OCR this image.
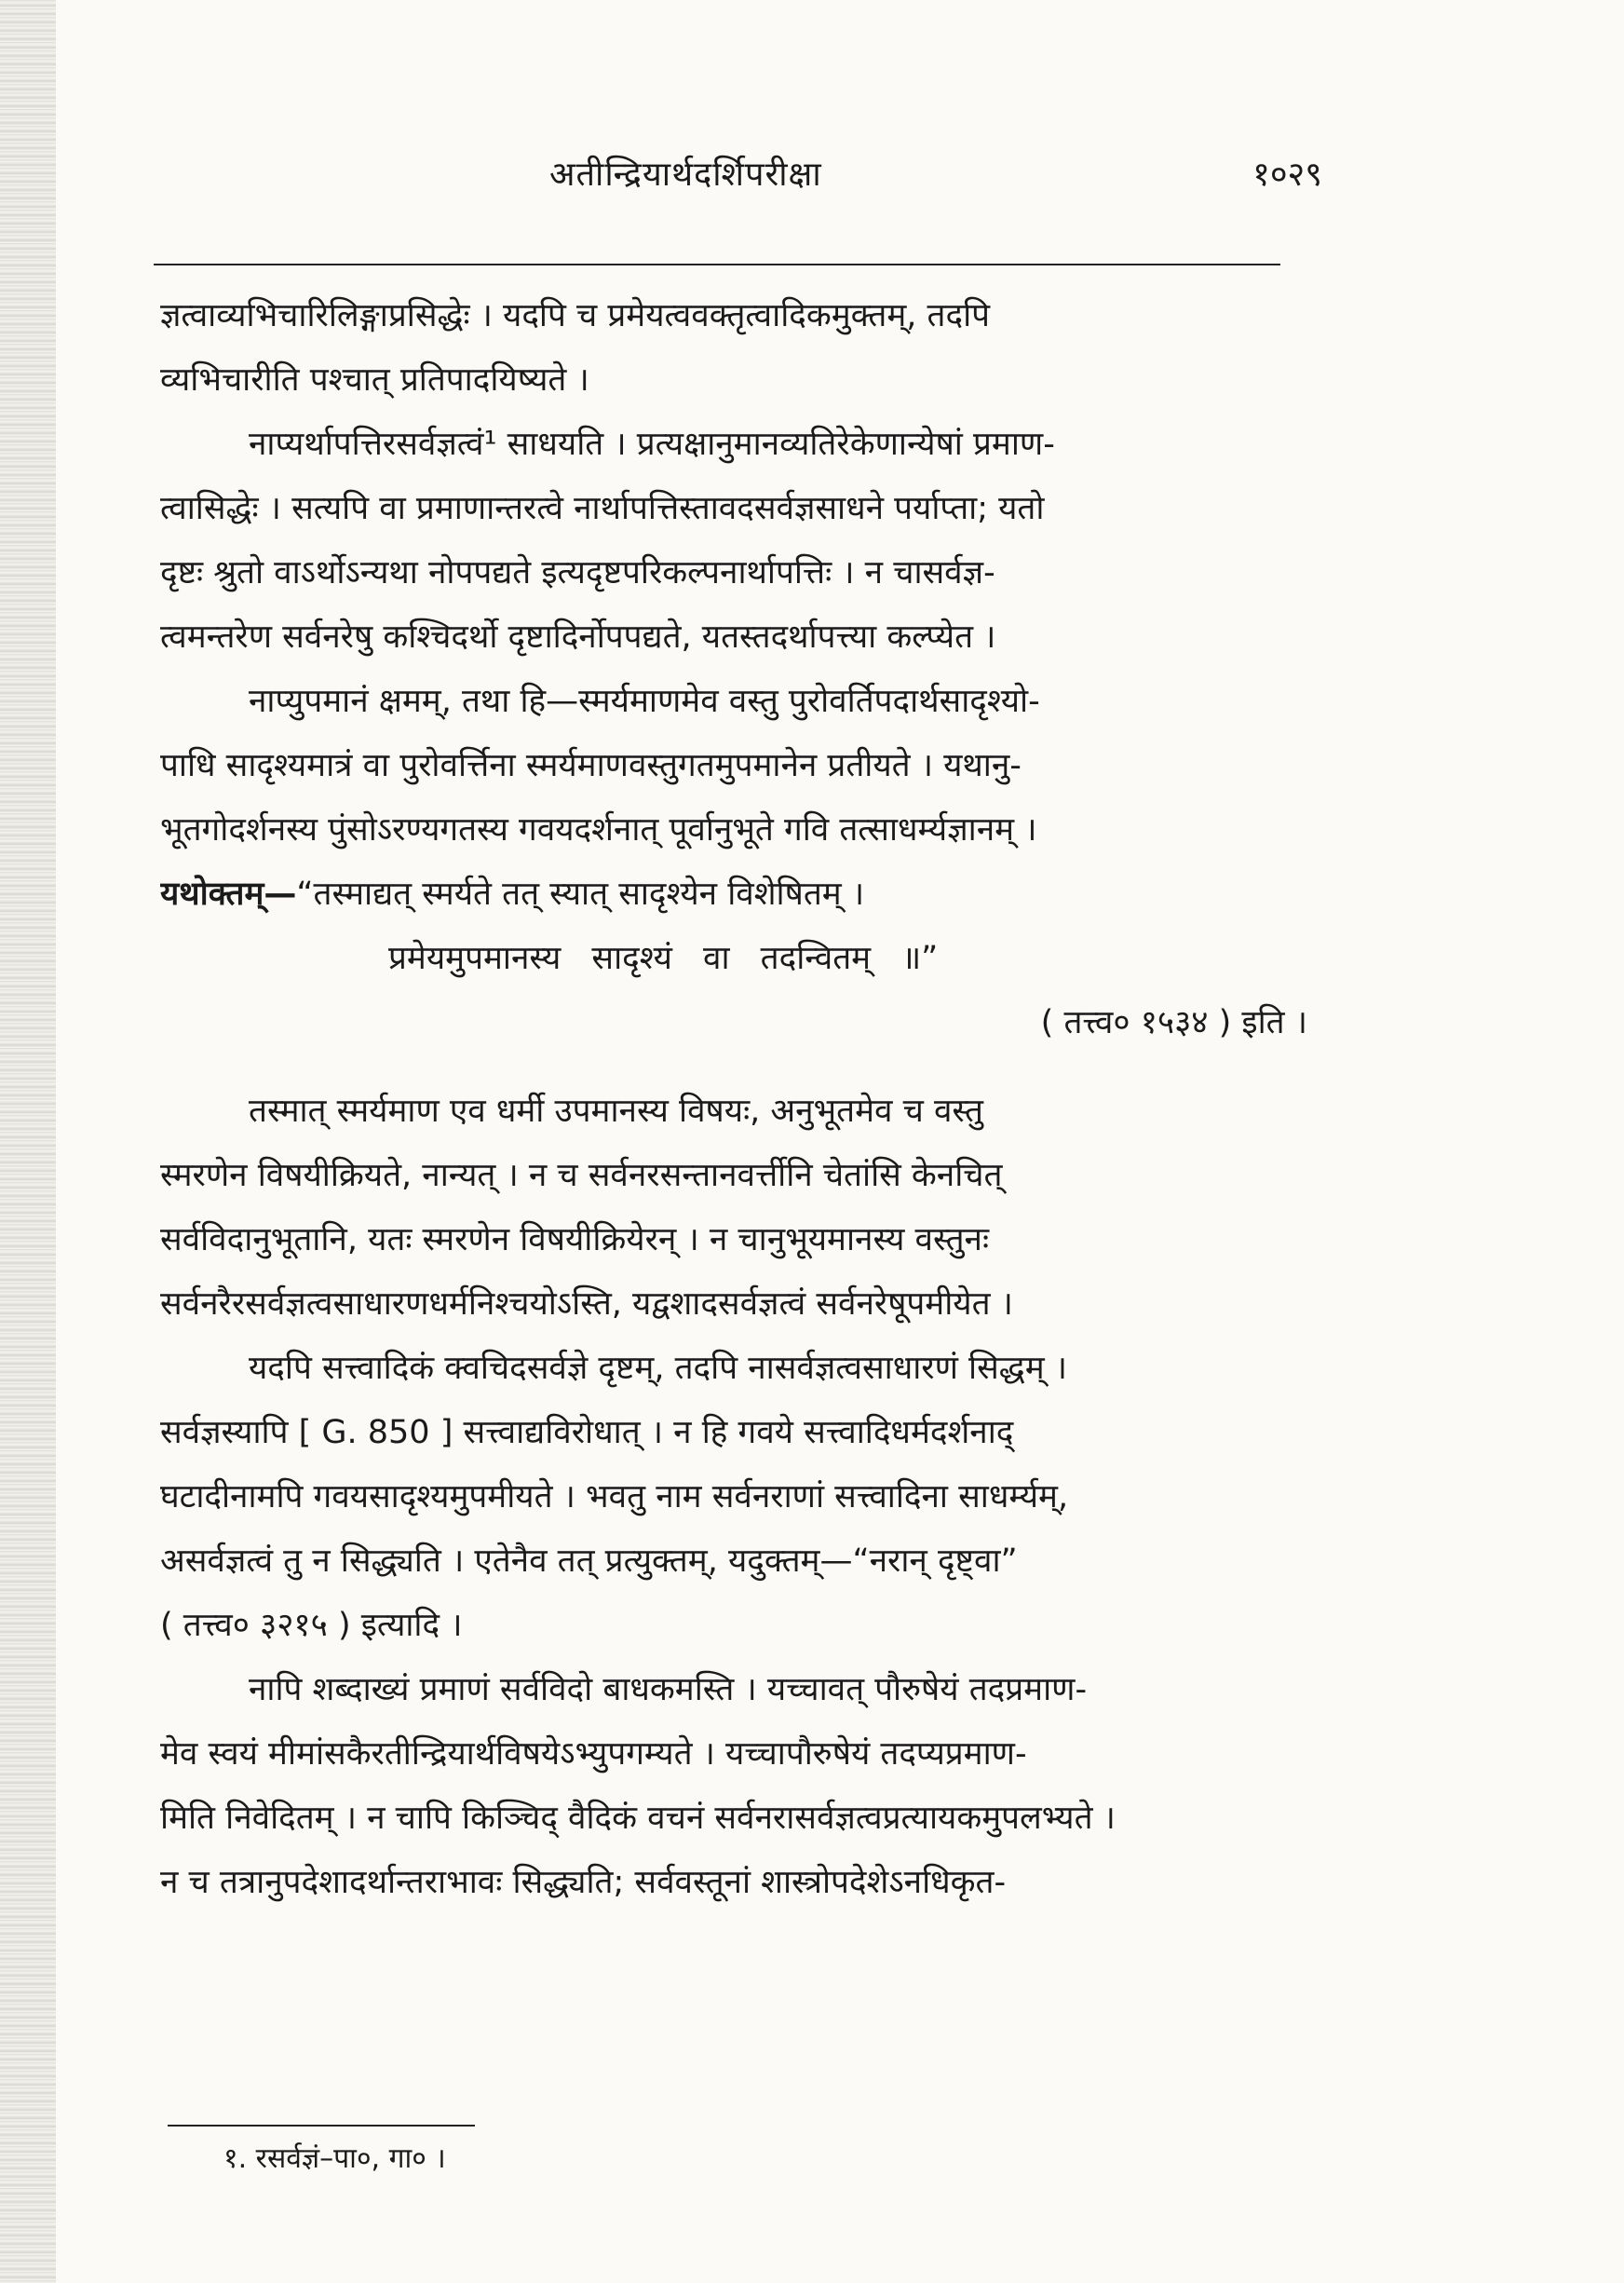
अतीन्द्रियार्थदर्शिपरीक्षा	१०२९

ज्ञत्वाव्यभिचारिलिङ्गाप्रसिद्धेः । यदपि च प्रमेयत्ववक्तृत्वादिकमुक्तम्, तदपि
व्यभिचारीति पश्चात् प्रतिपादयिष्यते ।

नाप्यर्थापत्तिरसर्वज्ञत्वं¹ साधयति । प्रत्यक्षानुमानव्यतिरेकेणान्येषां प्रमाण-

त्वासिद्धेः । सत्यपि वा प्रमाणान्तरत्वे नार्थापत्तिस्तावदसर्वज्ञसाधने पर्याप्ता; यतो
दृष्टः श्रुतो वाऽर्थोऽन्यथा नोपपद्यते इत्यदृष्टपरिकल्पनार्थापत्तिः । न चासर्वज्ञ-
त्वमन्तरेण सर्वनरेषु कश्चिदर्थो दृष्टादिर्नोपपद्यते, यतस्तदर्थापत्त्या कल्प्येत ।

नाप्युपमानं क्षमम्, तथा हि—स्मर्यमाणमेव वस्तु पुरोवर्तिपदार्थसादृश्यो-

पाधि सादृश्यमात्रं वा पुरोवर्त्तिना स्मर्यमाणवस्तुगतमुपमानेन प्रतीयते । यथानु-
भूतगोदर्शनस्य पुंसोऽरण्यगतस्य गवयदर्शनात् पूर्वानुभूते गवि तत्साधर्म्यज्ञानम् ।

यथोक्तम्—“तस्माद्यत् स्मर्यते तत् स्यात् सादृश्येन विशेषितम् ।
प्रमेयमुपमानस्य सादृश्यं वा तदन्वितम् ॥”
( तत्त्व० १५३४ ) इति ।

तस्मात् स्मर्यमाण एव धर्मी उपमानस्य विषयः, अनुभूतमेव च वस्तु

स्मरणेन विषयीक्रियते, नान्यत् । न च सर्वनरसन्तानवर्त्तीनि चेतांसि केनचित्
सर्वविदानुभूतानि, यतः स्मरणेन विषयीक्रियेरन् । न चानुभूयमानस्य वस्तुनः
सर्वनरैरसर्वज्ञत्वसाधारणधर्मनिश्चयोऽस्ति, यद्वशादसर्वज्ञत्वं सर्वनरेषूपमीयेत ।

यदपि सत्त्वादिकं क्वचिदसर्वज्ञे दृष्टम्, तदपि नासर्वज्ञत्वसाधारणं सिद्धम् ।

सर्वज्ञस्यापि [ G. 850 ] सत्त्वाद्यविरोधात् । न हि गवये सत्त्वादिधर्मदर्शनाद्
घटादीनामपि गवयसादृश्यमुपमीयते । भवतु नाम सर्वनराणां सत्त्वादिना साधर्म्यम्,
असर्वज्ञत्वं तु न सिद्ध्यति । एतेनैव तत् प्रत्युक्तम्, यदुक्तम्—“नरान् दृष्ट्वा”
( तत्त्व० ३२१५ ) इत्यादि ।

नापि शब्दाख्यं प्रमाणं सर्वविदो बाधकमस्ति । यच्चावत् पौरुषेयं तदप्रमाण-

मेव स्वयं मीमांसकैरतीन्द्रियार्थविषयेऽभ्युपगम्यते । यच्चापौरुषेयं तदप्यप्रमाण-
मिति निवेदितम् । न चापि किञ्चिद् वैदिकं वचनं सर्वनरासर्वज्ञत्वप्रत्यायकमुपलभ्यते ।
न च तत्रानुपदेशादर्थान्तराभावः सिद्ध्यति; सर्ववस्तूनां शास्त्रोपदेशेऽनधिकृत-

१. रसर्वज्ञं–पा०, गा० ।
